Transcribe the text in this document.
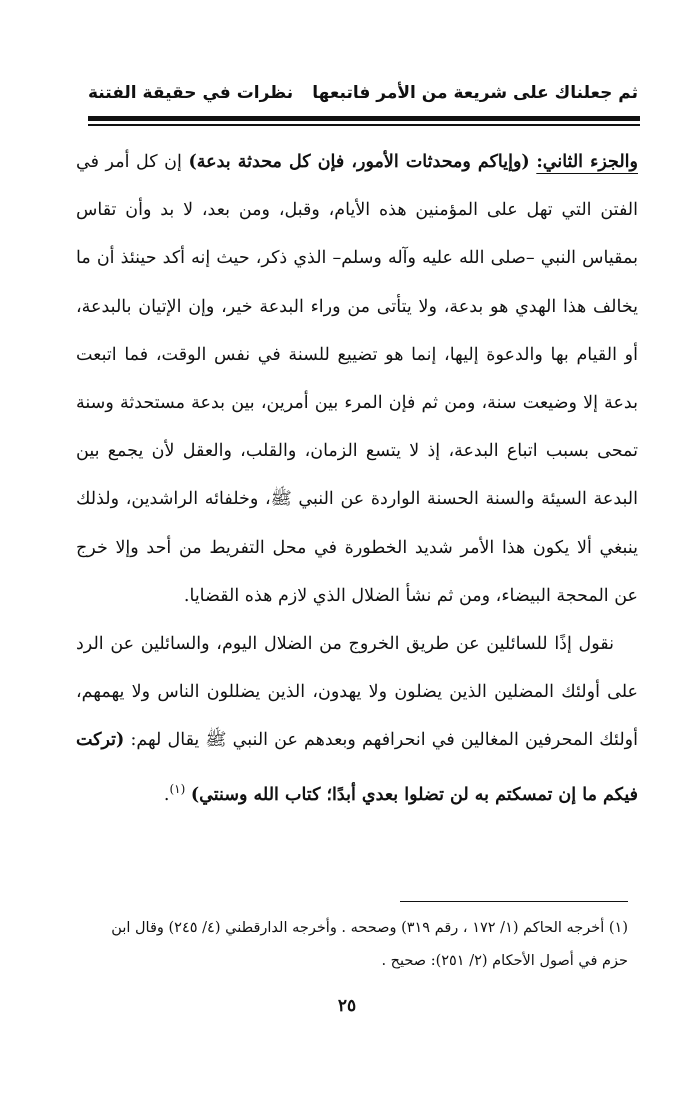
ثم جعلناك على شريعة من الأمر فاتبعها
نظرات في حقيقة الفتنة

والجزء الثاني: (وإياكم ومحدثات الأمور، فإن كل محدثة بدعة) إن كل أمر في الفتن التي تهل على المؤمنين هذه الأيام، وقبل، ومن بعد، لا بد وأن تقاس بمقياس النبي –صلى الله عليه وآله وسلم– الذي ذكر، حيث إنه أكد حينئذ أن ما يخالف هذا الهدي هو بدعة، ولا يتأتى من وراء البدعة خير، وإن الإتيان بالبدعة، أو القيام بها والدعوة إليها، إنما هو تضييع للسنة في نفس الوقت، فما اتبعت بدعة إلا وضيعت سنة، ومن ثم فإن المرء بين أمرين، بين بدعة مستحدثة وسنة تمحى بسبب اتباع البدعة، إذ لا يتسع الزمان، والقلب، والعقل لأن يجمع بين البدعة السيئة والسنة الحسنة الواردة عن النبي ﷺ، وخلفائه الراشدين، ولذلك ينبغي ألا يكون هذا الأمر شديد الخطورة في محل التفريط من أحد وإلا خرج عن المحجة البيضاء، ومن ثم نشأ الضلال الذي لازم هذه القضايا.

نقول إذًا للسائلين عن طريق الخروج من الضلال اليوم، والسائلين عن الرد على أولئك المضلين الذين يضلون ولا يهدون، الذين يضللون الناس ولا يهمهم، أولئك المحرفين المغالين في انحرافهم وبعدهم عن النبي ﷺ يقال لهم: (تركت فيكم ما إن تمسكتم به لن تضلوا بعدي أبدًا؛ كتاب الله وسنتي) $^{(١)}$.

(١) أخرجه الحاكم (١/ ١٧٢ ، رقم ٣١٩) وصححه . وأخرجه الدارقطني (٤/ ٢٤٥) وقال ابن

حزم في أصول الأحكام (٢/ ٢٥١): صحيح .

٢٥
